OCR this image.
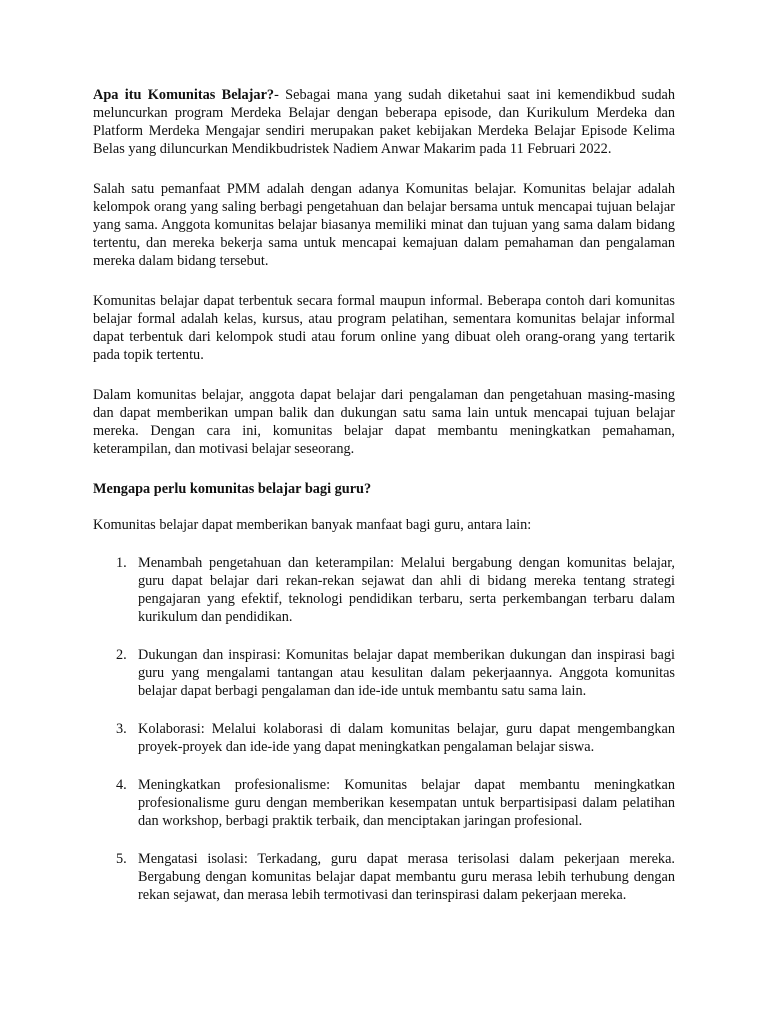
Apa itu Komunitas Belajar?- Sebagai mana yang sudah diketahui saat ini kemendikbud sudah meluncurkan program Merdeka Belajar dengan beberapa episode, dan Kurikulum Merdeka dan Platform Merdeka Mengajar sendiri merupakan paket kebijakan Merdeka Belajar Episode Kelima Belas yang diluncurkan Mendikbudristek Nadiem Anwar Makarim pada 11 Februari 2022.

Salah satu pemanfaat PMM adalah dengan adanya Komunitas belajar. Komunitas belajar adalah kelompok orang yang saling berbagi pengetahuan dan belajar bersama untuk mencapai tujuan belajar yang sama. Anggota komunitas belajar biasanya memiliki minat dan tujuan yang sama dalam bidang tertentu, dan mereka bekerja sama untuk mencapai kemajuan dalam pemahaman dan pengalaman mereka dalam bidang tersebut.

Komunitas belajar dapat terbentuk secara formal maupun informal. Beberapa contoh dari komunitas belajar formal adalah kelas, kursus, atau program pelatihan, sementara komunitas belajar informal dapat terbentuk dari kelompok studi atau forum online yang dibuat oleh orang-orang yang tertarik pada topik tertentu.

Dalam komunitas belajar, anggota dapat belajar dari pengalaman dan pengetahuan masing-masing dan dapat memberikan umpan balik dan dukungan satu sama lain untuk mencapai tujuan belajar mereka. Dengan cara ini, komunitas belajar dapat membantu meningkatkan pemahaman, keterampilan, dan motivasi belajar seseorang.

Mengapa perlu komunitas belajar bagi guru?

Komunitas belajar dapat memberikan banyak manfaat bagi guru, antara lain:

1. Menambah pengetahuan dan keterampilan: Melalui bergabung dengan komunitas belajar, guru dapat belajar dari rekan-rekan sejawat dan ahli di bidang mereka tentang strategi pengajaran yang efektif, teknologi pendidikan terbaru, serta perkembangan terbaru dalam kurikulum dan pendidikan.
2. Dukungan dan inspirasi: Komunitas belajar dapat memberikan dukungan dan inspirasi bagi guru yang mengalami tantangan atau kesulitan dalam pekerjaannya. Anggota komunitas belajar dapat berbagi pengalaman dan ide-ide untuk membantu satu sama lain.
3. Kolaborasi: Melalui kolaborasi di dalam komunitas belajar, guru dapat mengembangkan proyek-proyek dan ide-ide yang dapat meningkatkan pengalaman belajar siswa.
4. Meningkatkan profesionalisme: Komunitas belajar dapat membantu meningkatkan profesionalisme guru dengan memberikan kesempatan untuk berpartisipasi dalam pelatihan dan workshop, berbagi praktik terbaik, dan menciptakan jaringan profesional.
5. Mengatasi isolasi: Terkadang, guru dapat merasa terisolasi dalam pekerjaan mereka. Bergabung dengan komunitas belajar dapat membantu guru merasa lebih terhubung dengan rekan sejawat, dan merasa lebih termotivasi dan terinspirasi dalam pekerjaan mereka.
